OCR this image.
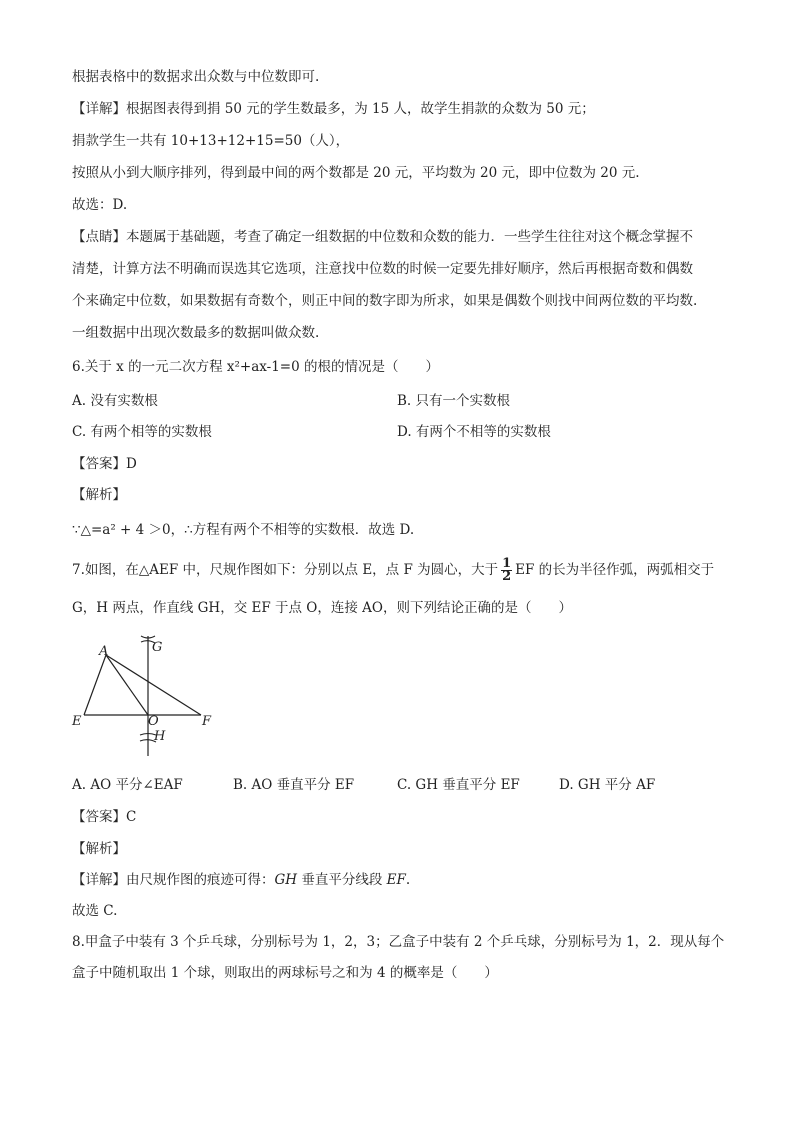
根据表格中的数据求出众数与中位数即可.
【详解】根据图表得到捐 50 元的学生数最多，为 15 人，故学生捐款的众数为 50 元；
捐款学生一共有 10+13+12+15=50（人），
按照从小到大顺序排列，得到最中间的两个数都是 20 元，平均数为 20 元，即中位数为 20 元.
故选：D.
【点睛】本题属于基础题，考查了确定一组数据的中位数和众数的能力．一些学生往往对这个概念掌握不
清楚，计算方法不明确而误选其它选项，注意找中位数的时候一定要先排好顺序，然后再根据奇数和偶数
个来确定中位数，如果数据有奇数个，则正中间的数字即为所求，如果是偶数个则找中间两位数的平均数.
一组数据中出现次数最多的数据叫做众数.
6.关于 x 的一元二次方程 x²+ax-1=0 的根的情况是（　　）
A. 没有实数根	B. 只有一个实数根
C. 有两个相等的实数根	D. 有两个不相等的实数根
【答案】D
【解析】
∵△=a² + 4 ＞0，∴方程有两个不相等的实数根．故选 D.
7.如图，在△AEF 中，尺规作图如下：分别以点 E，点 F 为圆心，大于 $\frac{1}{2}$ EF 的长为半径作弧，两弧相交于
G，H 两点，作直线 GH，交 EF 于点 O，连接 AO，则下列结论正确的是（　　）
A	G
E	O	F
H
A. AO 平分∠EAF	B. AO 垂直平分 EF	C. GH 垂直平分 EF	D. GH 平分 AF
【答案】C
【解析】
【详解】由尺规作图的痕迹可得：GH 垂直平分线段 EF.
故选 C.
8.甲盒子中装有 3 个乒乓球，分别标号为 1，2，3；乙盒子中装有 2 个乒乓球，分别标号为 1，2．现从每个
盒子中随机取出 1 个球，则取出的两球标号之和为 4 的概率是（　　）
